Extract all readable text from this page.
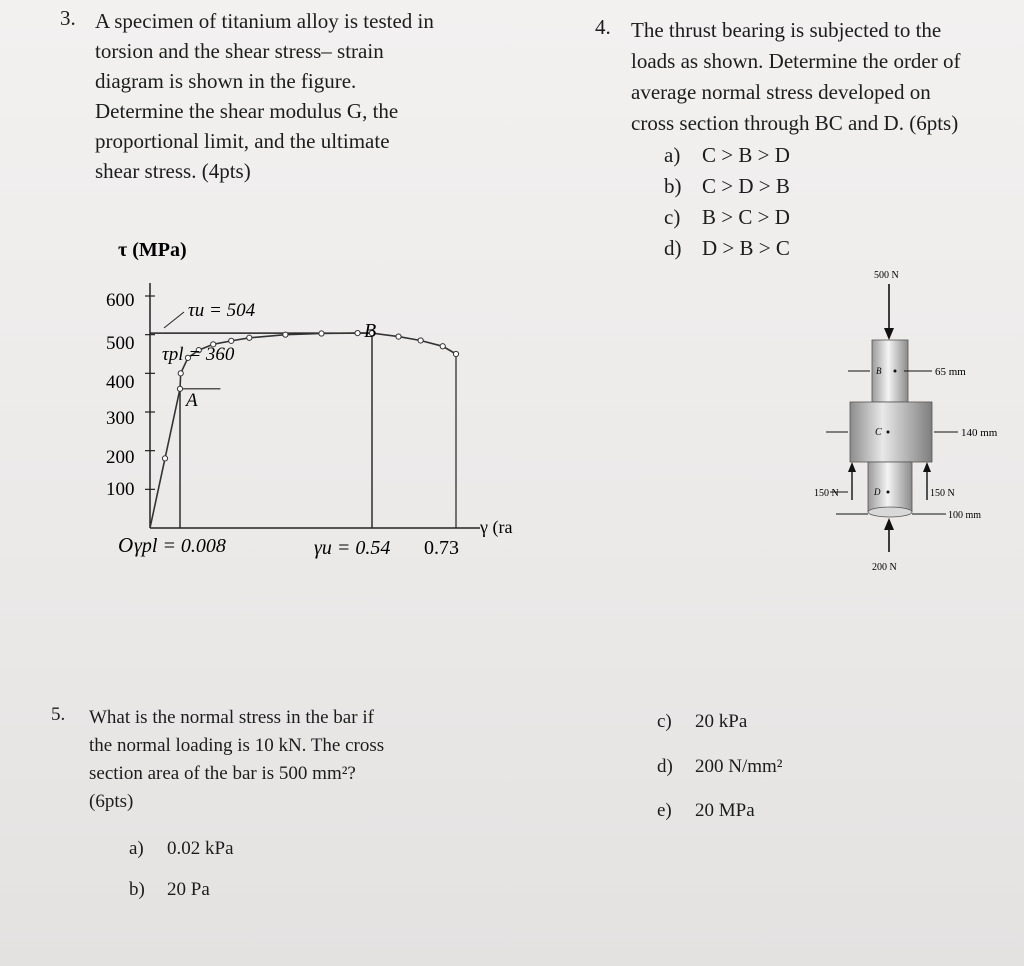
3. A specimen of titanium alloy is tested in
torsion and the shear stress– strain
diagram is shown in the figure.
Determine the shear modulus G, the
proportional limit, and the ultimate
shear stress. (4pts)
4. The thrust bearing is subjected to the
loads as shown. Determine the order of
average normal stress developed on
cross section through BC and D. (6pts)
a) C > B > D
b) C > D > B
c) B > C > D
d) D > B > C
τ (MPa)
600
500
400
300
200
100
O γpl = 0.008	γu = 0.54 0.73
γ (ra
τu = 504
τpl = 360
A
B
500 N
B	65 mm
C	140 mm
150 N	150 N
D
100 mm
200 N
5. What is the normal stress in the bar if
the normal loading is 10 kN. The cross
section area of the bar is 500 mm²?
(6pts)
a) 0.02 kPa
b) 20 Pa
c) 20 kPa
d) 200 N/mm²
e) 20 MPa
